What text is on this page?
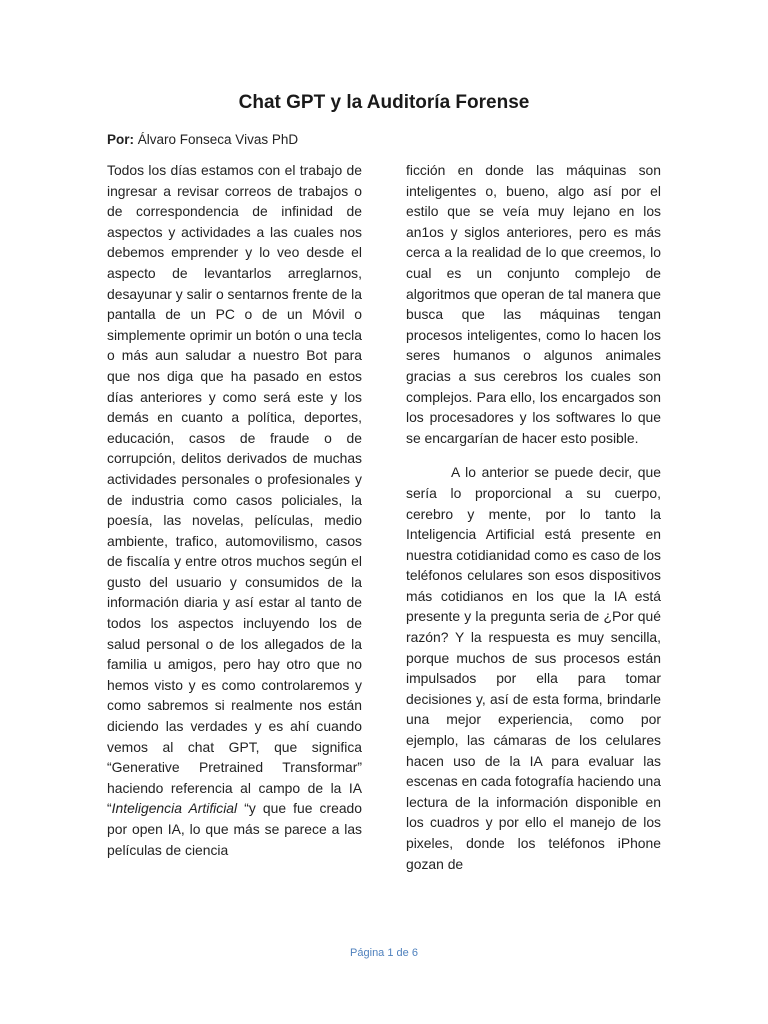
Chat GPT y la Auditoría Forense
Por: Álvaro Fonseca Vivas PhD

Todos los días estamos con el trabajo de ingresar a revisar correos de trabajos o de correspondencia de infinidad de aspectos y actividades a las cuales nos debemos emprender y lo veo desde el aspecto de levantarlos arreglarnos, desayunar y salir o sentarnos frente de la pantalla de un PC o de un Móvil o simplemente oprimir un botón o una tecla o más aun saludar a nuestro Bot para que nos diga que ha pasado en estos días anteriores y como será este y los demás en cuanto a política, deportes, educación, casos de fraude o de corrupción, delitos derivados de muchas actividades personales o profesionales y de industria como casos policiales, la poesía, las novelas, películas, medio ambiente, trafico, automovilismo, casos de fiscalía y entre otros muchos según el gusto del usuario y consumidos de la información diaria y así estar al tanto de todos los aspectos incluyendo los de salud personal o de los allegados de la familia u amigos, pero hay otro que no hemos visto y es como controlaremos y como sabremos si realmente nos están diciendo las verdades y es ahí cuando vemos al chat GPT, que significa “Generative Pretrained Transformar” haciendo referencia al campo de la IA “Inteligencia Artificial “y que fue creado por open IA, lo que más se parece a las películas de ciencia

ficción en donde las máquinas son inteligentes o, bueno, algo así por el estilo que se veía muy lejano en los an1os y siglos anteriores, pero es más cerca a la realidad de lo que creemos, lo cual es un conjunto complejo de algoritmos que operan de tal manera que busca que las máquinas tengan procesos inteligentes, como lo hacen los seres humanos o algunos animales gracias a sus cerebros los cuales son complejos. Para ello, los encargados son los procesadores y los softwares lo que se encargarían de hacer esto posible.

A lo anterior se puede decir, que sería lo proporcional a su cuerpo, cerebro y mente, por lo tanto la Inteligencia Artificial está presente en nuestra cotidianidad como es caso de los teléfonos celulares son esos dispositivos más cotidianos en los que la IA está presente y la pregunta seria de ¿Por qué razón? Y la respuesta es muy sencilla, porque muchos de sus procesos están impulsados por ella para tomar decisiones y, así de esta forma, brindarle una mejor experiencia, como por ejemplo, las cámaras de los celulares hacen uso de la IA para evaluar las escenas en cada fotografía haciendo una lectura de la información disponible en los cuadros y por ello el manejo de los pixeles, donde los teléfonos iPhone gozan de

Página 1 de 6
